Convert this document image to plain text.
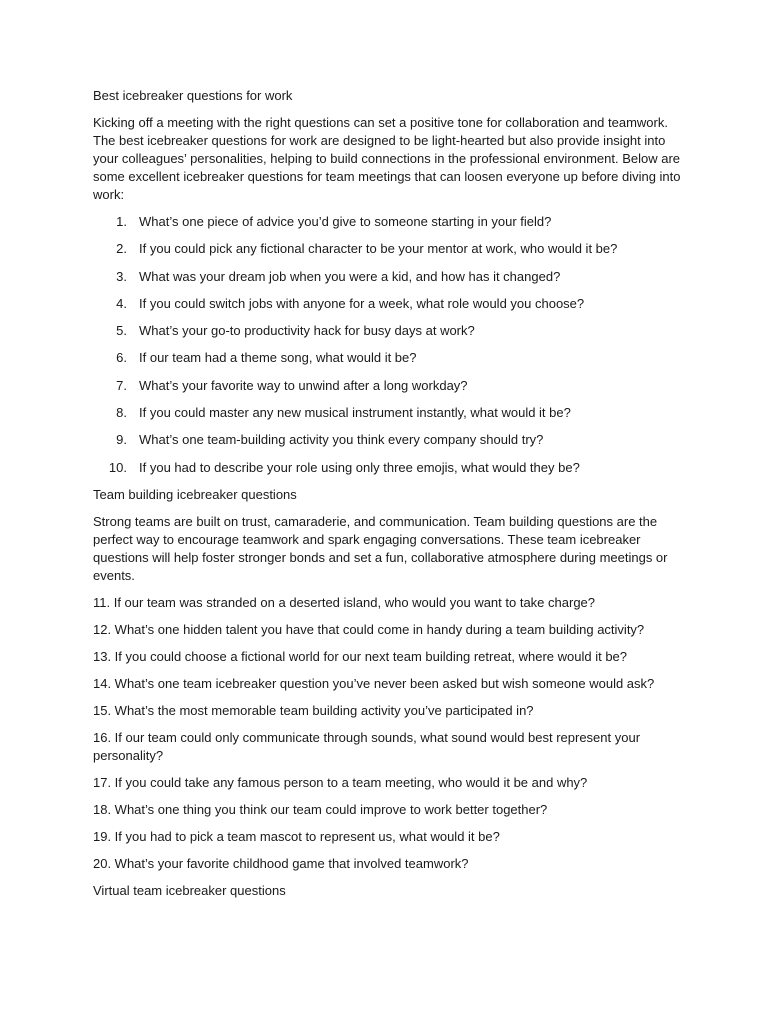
Best icebreaker questions for work

Kicking off a meeting with the right questions can set a positive tone for collaboration and teamwork. The best icebreaker questions for work are designed to be light-hearted but also provide insight into your colleagues’ personalities, helping to build connections in the professional environment. Below are some excellent icebreaker questions for team meetings that can loosen everyone up before diving into work:

1. What’s one piece of advice you’d give to someone starting in your field?
2. If you could pick any fictional character to be your mentor at work, who would it be?
3. What was your dream job when you were a kid, and how has it changed?
4. If you could switch jobs with anyone for a week, what role would you choose?
5. What’s your go-to productivity hack for busy days at work?
6. If our team had a theme song, what would it be?
7. What’s your favorite way to unwind after a long workday?
8. If you could master any new musical instrument instantly, what would it be?
9. What’s one team-building activity you think every company should try?
10. If you had to describe your role using only three emojis, what would they be?

Team building icebreaker questions

Strong teams are built on trust, camaraderie, and communication. Team building questions are the perfect way to encourage teamwork and spark engaging conversations. These team icebreaker questions will help foster stronger bonds and set a fun, collaborative atmosphere during meetings or events.

11. If our team was stranded on a deserted island, who would you want to take charge?
12. What’s one hidden talent you have that could come in handy during a team building activity?
13. If you could choose a fictional world for our next team building retreat, where would it be?
14. What’s one team icebreaker question you’ve never been asked but wish someone would ask?
15. What’s the most memorable team building activity you’ve participated in?
16. If our team could only communicate through sounds, what sound would best represent your personality?
17. If you could take any famous person to a team meeting, who would it be and why?
18. What’s one thing you think our team could improve to work better together?
19. If you had to pick a team mascot to represent us, what would it be?
20. What’s your favorite childhood game that involved teamwork?

Virtual team icebreaker questions
